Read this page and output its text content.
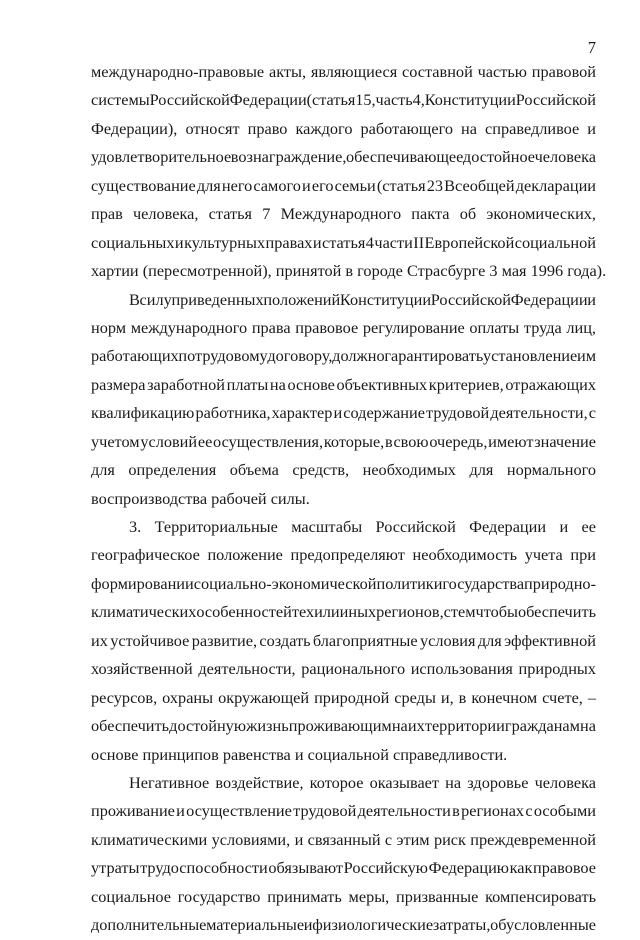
7
международно-правовые акты, являющиеся составной частью правовой
системы Российской Федерации (статья 15, часть 4, Конституции Российской
Федерации), относят право каждого работающего на справедливое и
удовлетворительное вознаграждение, обеспечивающее достойное человека
существование для него самого и его семьи (статья 23 Всеобщей декларации
прав человека, статья 7 Международного пакта об экономических,
социальных и культурных правах и статья 4 части II Европейской социальной
хартии (пересмотренной), принятой в городе Страсбурге 3 мая 1996 года).
В силу приведенных положений Конституции Российской Федерации и
норм международного права правовое регулирование оплаты труда лиц,
работающих по трудовому договору, должно гарантировать установление им
размера заработной платы на основе объективных критериев, отражающих
квалификацию работника, характер и содержание трудовой деятельности, с
учетом условий ее осуществления, которые, в свою очередь, имеют значение
для определения объема средств, необходимых для нормального
воспроизводства рабочей силы.
3. Территориальные масштабы Российской Федерации и ее
географическое положение предопределяют необходимость учета при
формировании социально-экономической политики государства природно-
климатических особенностей тех или иных регионов, с тем чтобы обеспечить
их устойчивое развитие, создать благоприятные условия для эффективной
хозяйственной деятельности, рационального использования природных
ресурсов, охраны окружающей природной среды и, в конечном счете, –
обеспечить достойную жизнь проживающим на их территории гражданам на
основе принципов равенства и социальной справедливости.
Негативное воздействие, которое оказывает на здоровье человека
проживание и осуществление трудовой деятельности в регионах с особыми
климатическими условиями, и связанный с этим риск преждевременной
утраты трудоспособности обязывают Российскую Федерацию как правовое
социальное государство принимать меры, призванные компенсировать
дополнительные материальные и физиологические затраты, обусловленные
